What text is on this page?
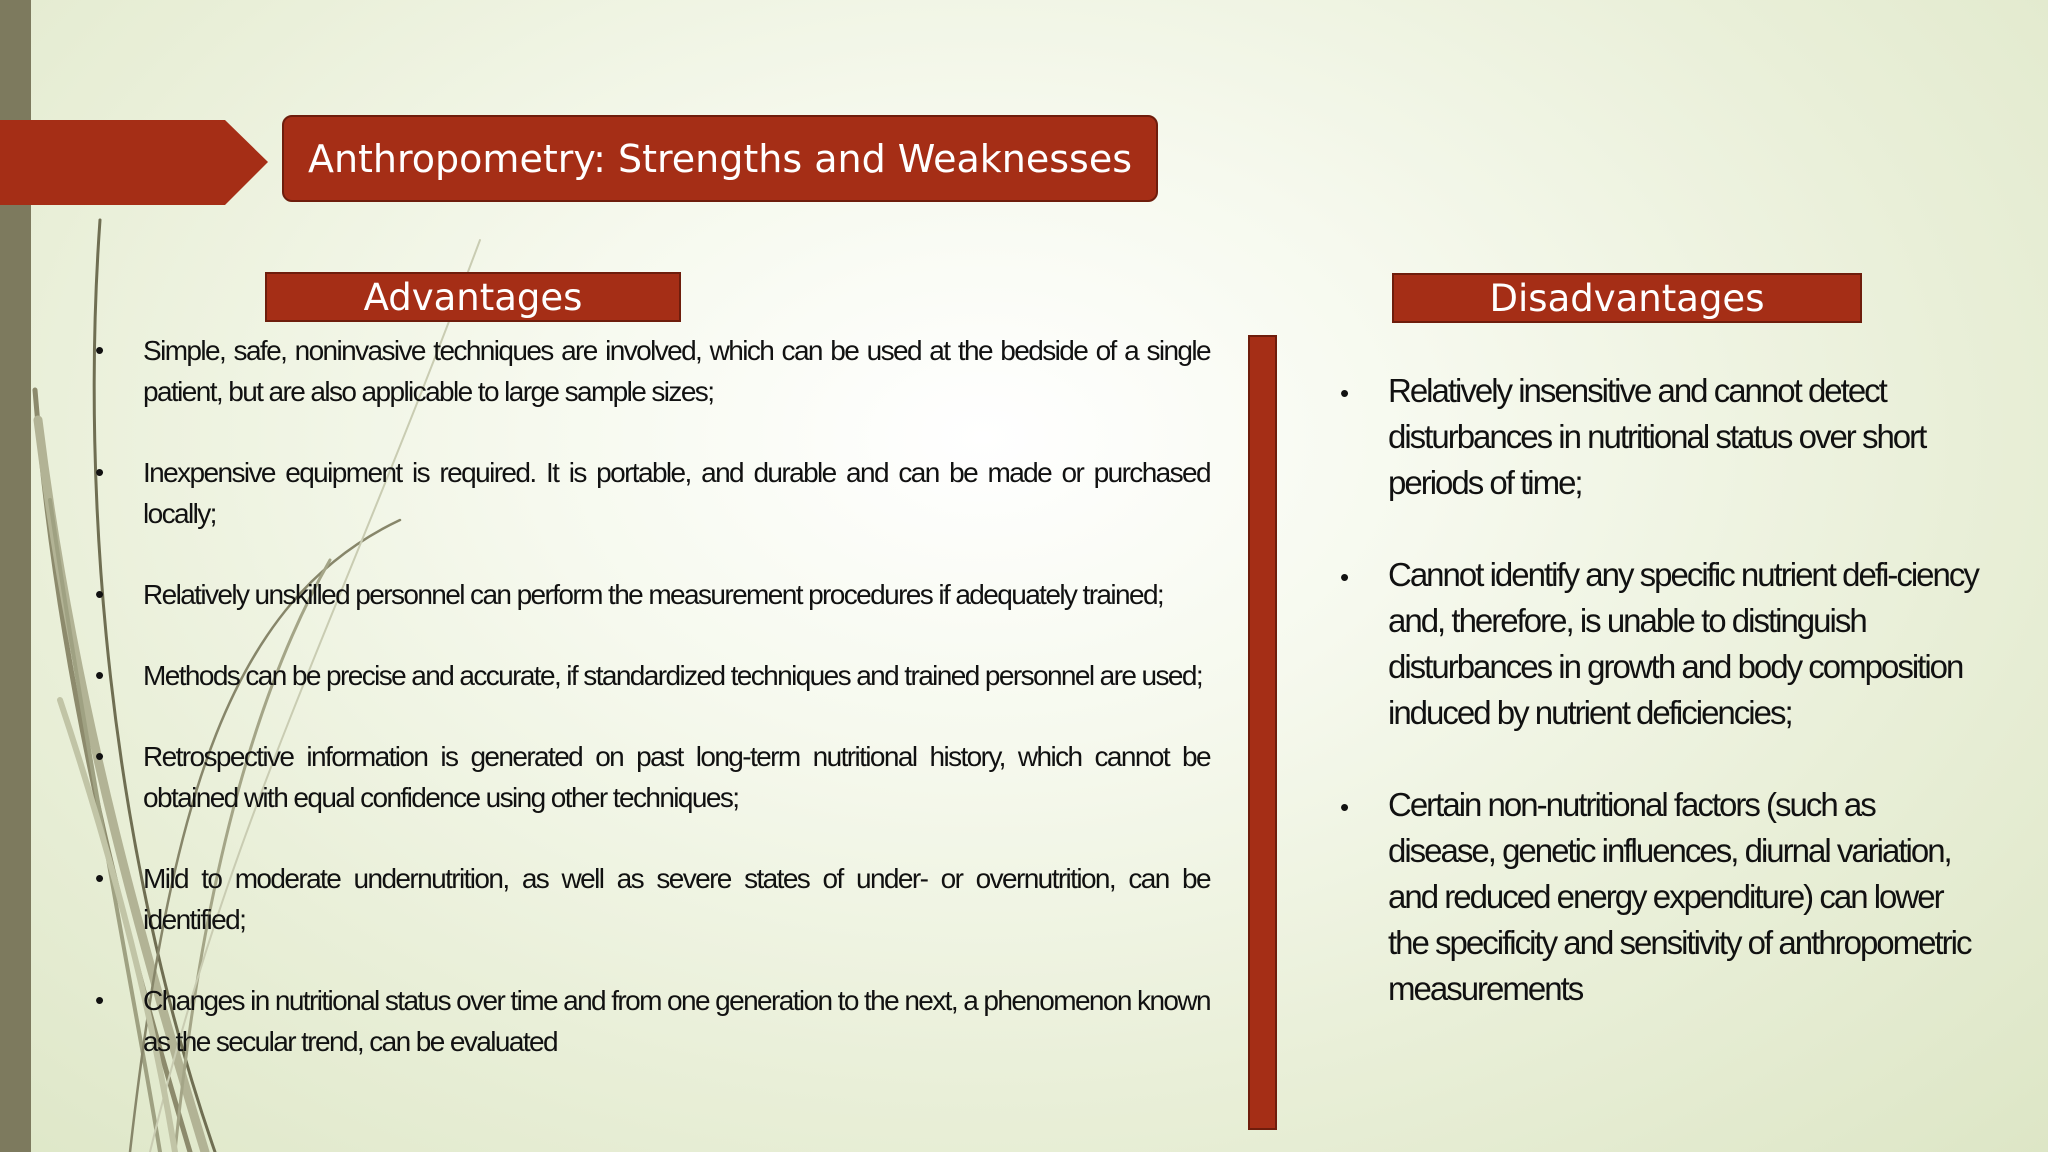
Anthropometry: Strengths and Weaknesses
Advantages	Disadvantages
• Simple, safe, noninvasive techniques are involved, which can be used at the bedside of a single patient, but are also applicable to large sample sizes;
• Inexpensive equipment is required. It is portable, and durable and can be made or purchased locally;
• Relatively unskilled personnel can perform the measurement procedures if adequately trained;
• Methods can be precise and accurate, if standardized techniques and trained personnel are used;
• Retrospective information is generated on past long-term nutritional history, which cannot be obtained with equal confidence using other techniques;
• Mild to moderate undernutrition, as well as severe states of under- or overnutrition, can be identified;
• Changes in nutritional status over time and from one generation to the next, a phenomenon known as the secular trend, can be evaluated
• Relatively insensitive and cannot detect disturbances in nutritional status over short periods of time;
• Cannot identify any specific nutrient defi-ciency and, therefore, is unable to distinguish disturbances in growth and body composition induced by nutrient deficiencies;
• Certain non-nutritional factors (such as disease, genetic influences, diurnal variation, and reduced energy expenditure) can lower the specificity and sensitivity of anthropometric measurements
